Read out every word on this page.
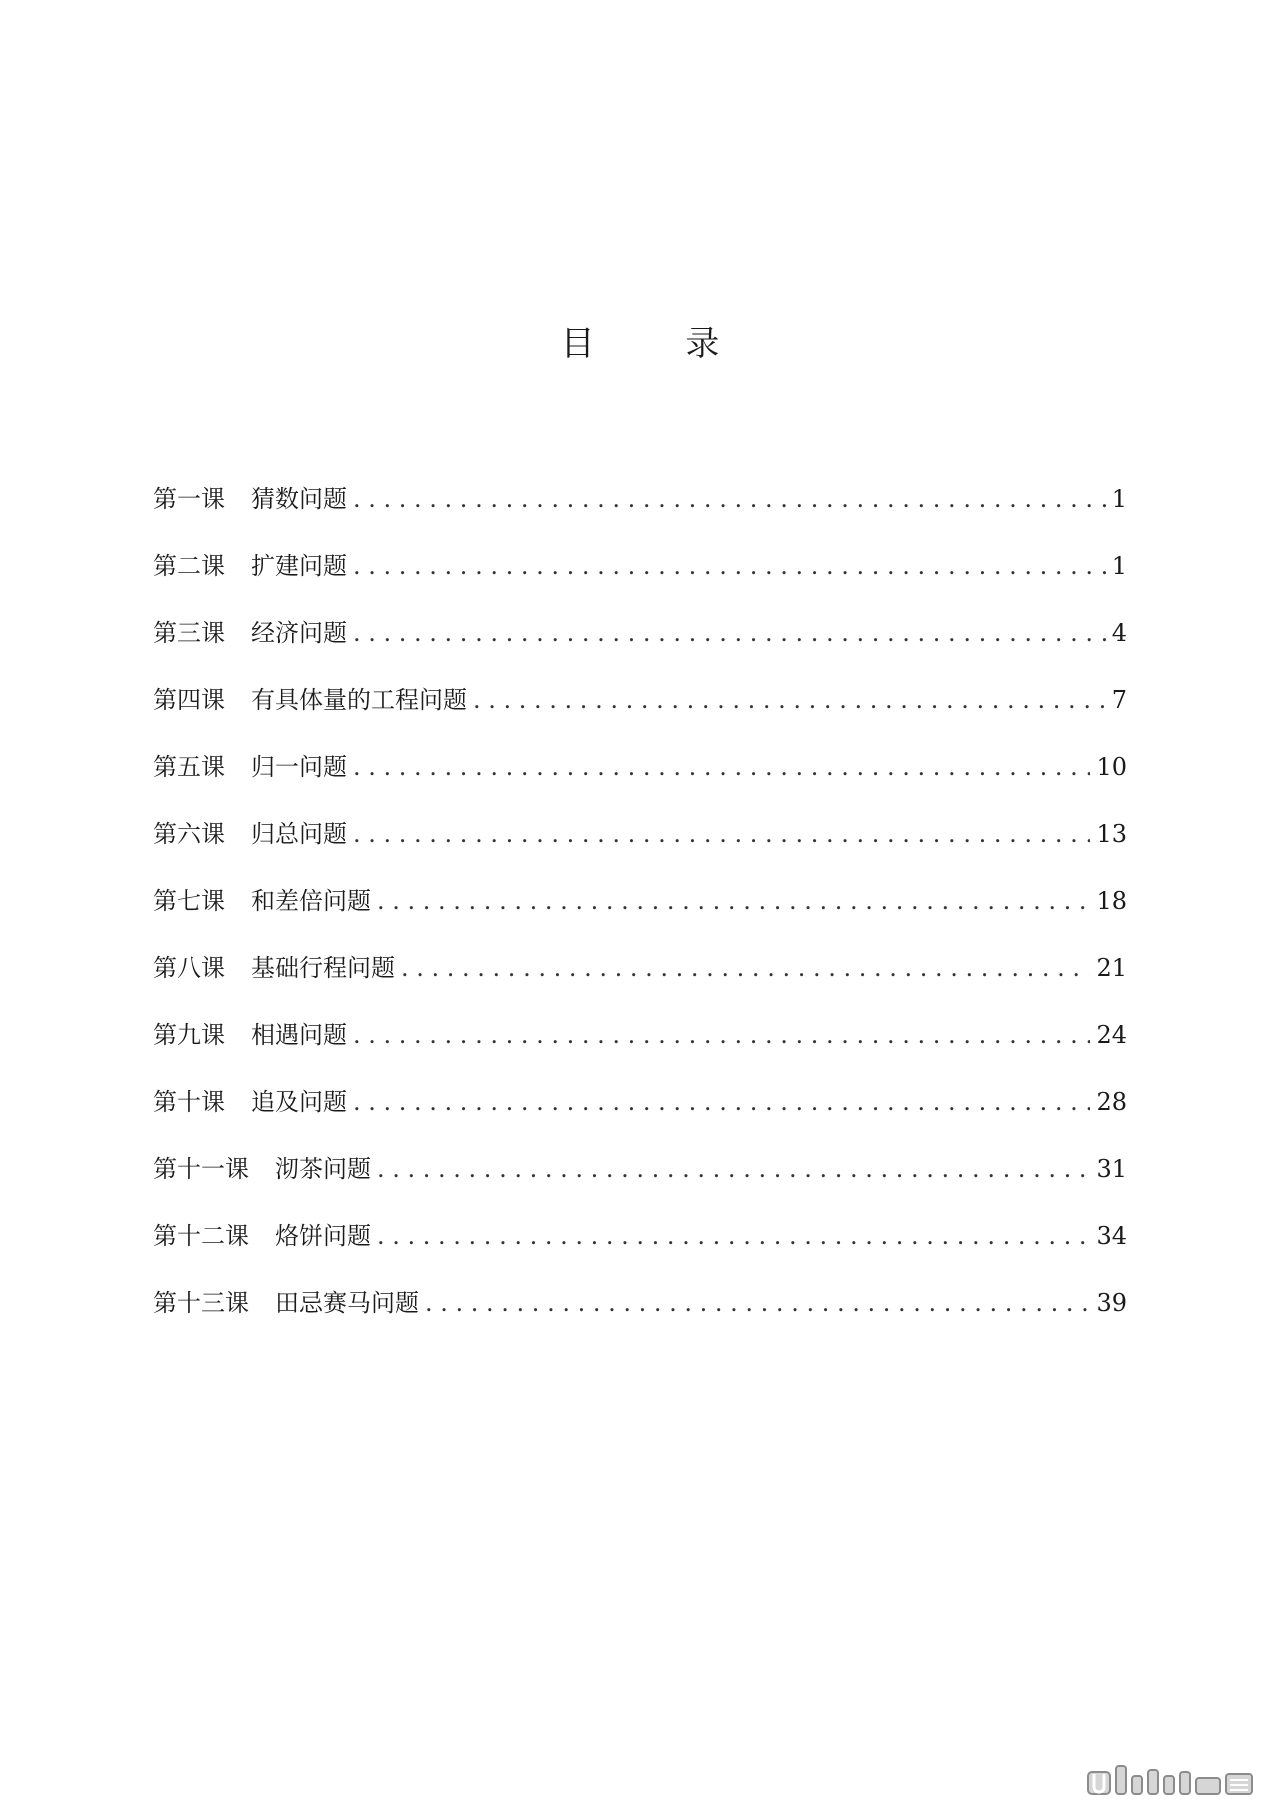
目 录
第一课 猜数问题 . . .	1
第二课 扩建问题 . . .	1
第三课 经济问题 . . .	4
第四课 有具体量的工程问题 . . .	7
第五课 归一问题 . . .	10
第六课 归总问题 . . .	13
第七课 和差倍问题 . . .	18
第八课 基础行程问题 . . .	21
第九课 相遇问题 . . .	24
第十课 追及问题 . . .	28
第十一课 沏茶问题 . . .	31
第十二课 烙饼问题 . . .	34
第十三课 田忌赛马问题 . . .	39
